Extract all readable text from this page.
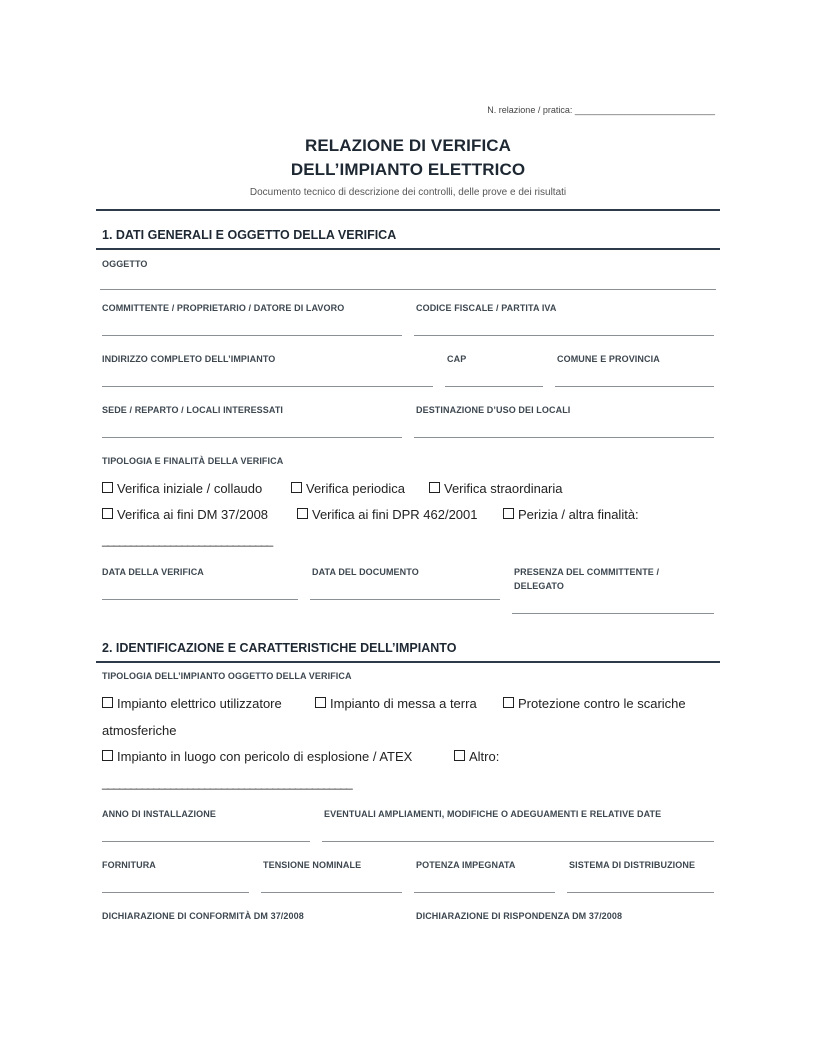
N. relazione / pratica: ____________________________
RELAZIONE DI VERIFICA
DELL’IMPIANTO ELETTRICO
Documento tecnico di descrizione dei controlli, delle prove e dei risultati
1. DATI GENERALI E OGGETTO DELLA VERIFICA
OGGETTO
COMMITTENTE / PROPRIETARIO / DATORE DI LAVORO	CODICE FISCALE / PARTITA IVA
INDIRIZZO COMPLETO DELL’IMPIANTO	CAP	COMUNE E PROVINCIA
SEDE / REPARTO / LOCALI INTERESSATI	DESTINAZIONE D’USO DEI LOCALI
TIPOLOGIA E FINALITÀ DELLA VERIFICA
Verifica iniziale / collaudo	Verifica periodica	Verifica straordinaria
Verifica ai fini DM 37/2008	Verifica ai fini DPR 462/2001	Perizia / altra finalità:
______________________________
DATA DELLA VERIFICA	DATA DEL DOCUMENTO	PRESENZA DEL COMMITTENTE / DELEGATO
2. IDENTIFICAZIONE E CARATTERISTICHE DELL’IMPIANTO
TIPOLOGIA DELL’IMPIANTO OGGETTO DELLA VERIFICA
Impianto elettrico utilizzatore	Impianto di messa a terra	Protezione contro le scariche
atmosferiche
Impianto in luogo con pericolo di esplosione / ATEX	Altro:
____________________________________________
ANNO DI INSTALLAZIONE	EVENTUALI AMPLIAMENTI, MODIFICHE O ADEGUAMENTI E RELATIVE DATE
FORNITURA	TENSIONE NOMINALE	POTENZA IMPEGNATA	SISTEMA DI DISTRIBUZIONE
DICHIARAZIONE DI CONFORMITÀ DM 37/2008	DICHIARAZIONE DI RISPONDENZA DM 37/2008
